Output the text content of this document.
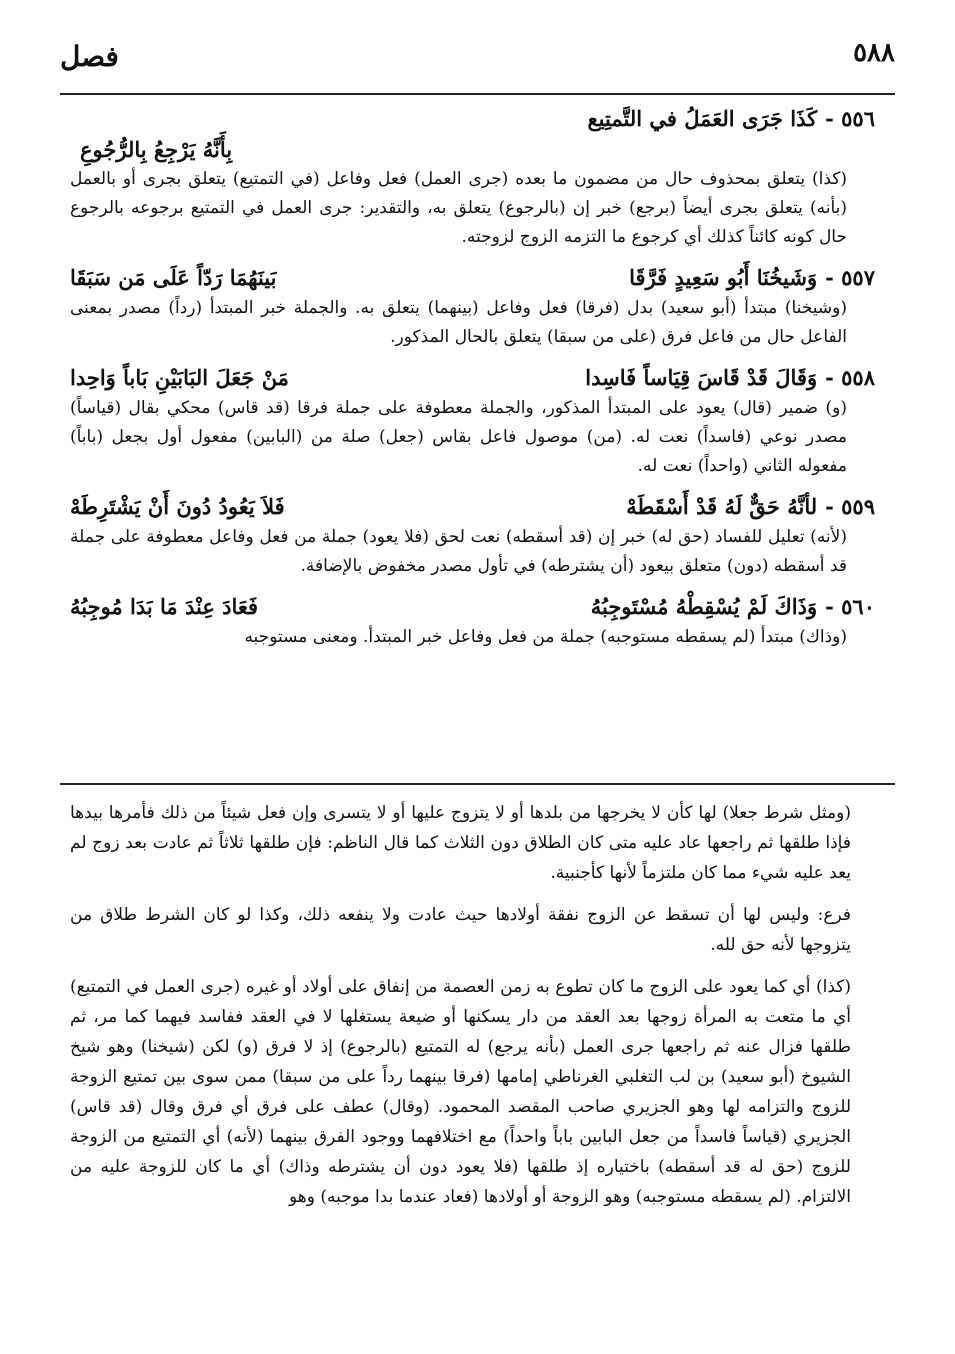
٥٨٨
فصل
٥٥٦ -
كَذَا جَرَى العَمَلُ في التَّمتِيع
بِأَنَّهُ يَرْجِعُ بِالرُّجُوعِ

(كذا) يتعلق بمحذوف حال من مضمون ما بعده (جرى العمل) فعل وفاعل (في التمتيع) يتعلق بجرى أو بالعمل (بأنه) يتعلق بجرى أيضاً (برجع) خبر إن (بالرجوع) يتعلق به، والتقدير: جرى العمل في التمتيع برجوعه بالرجوع حال كونه كائناً كذلك أي كرجوع ما التزمه الزوج لزوجته.

٥٥٧ -
وَشَيخُنَا أَبُو سَعِيدٍ فَرَّقَا
بَينَهُمَا رَدّاً عَلَى مَن سَبَقَا

(وشيخنا) مبتدأ (أبو سعيد) بدل (فرقا) فعل وفاعل (بينهما) يتعلق به. والجملة خبر المبتدأ (رداً) مصدر بمعنى الفاعل حال من فاعل فرق (على من سبقا) يتعلق بالحال المذكور.

٥٥٨ -
وَقَالَ قَدْ قَاسَ قِيَاساً فَاسِدا
مَنْ جَعَلَ البَابَيْنِ بَاباً وَاحِدا

(و) ضمير (قال) يعود على المبتدأ المذكور، والجملة معطوفة على جملة فرقا (قد قاس) محكي بقال (قياساً) مصدر نوعي (فاسداً) نعت له. (من) موصول فاعل بقاس (جعل) صلة من (البابين) مفعول أول بجعل (باباً) مفعوله الثاني (واحداً) نعت له.

٥٥٩ -
لأنَّهُ حَقٌّ لَهُ قَدْ أَسْقَطَهْ
فَلاَ يَعُودُ دُونَ أَنْ يَشْتَرِطَهْ

(لأنه) تعليل للفساد (حق له) خبر إن (قد أسقطه) نعت لحق (فلا يعود) جملة من فعل وفاعل معطوفة على جملة قد أسقطه (دون) متعلق بيعود (أن يشترطه) في تأول مصدر مخفوض بالإضافة.

٥٦٠ -
وَذَاكَ لَمْ يُسْقِطْهُ مُسْتَوجِبُهُ
فَعَادَ عِنْدَ مَا بَدَا مُوجِبُهُ

(وذاك) مبتدأ (لم يسقطه مستوجبه) جملة من فعل وفاعل خبر المبتدأ. ومعنى مستوجبه

(ومثل شرط جعلا) لها كأن لا يخرجها من بلدها أو لا يتزوج عليها أو لا يتسرى وإن فعل شيئاً من ذلك فأمرها بيدها فإذا طلقها ثم راجعها عاد عليه متى كان الطلاق دون الثلاث كما قال الناظم: فإن طلقها ثلاثاً ثم عادت بعد زوج لم يعد عليه شيء مما كان ملتزماً لأنها كأجنبية.

فرع: وليس لها أن تسقط عن الزوج نفقة أولادها حيث عادت ولا ينفعه ذلك، وكذا لو كان الشرط طلاق من يتزوجها لأنه حق لله.

(كذا) أي كما يعود على الزوج ما كان تطوع به زمن العصمة من إنفاق على أولاد أو غيره (جرى العمل في التمتيع) أي ما متعت به المرأة زوجها بعد العقد من دار يسكنها أو ضيعة يستغلها لا في العقد ففاسد فيهما كما مر، ثم طلقها فزال عنه ثم راجعها جرى العمل (بأنه يرجع) له التمتيع (بالرجوع) إذ لا فرق (و) لكن (شيخنا) وهو شيخ الشيوخ (أبو سعيد) بن لب التغلبي الغرناطي إمامها (فرقا بينهما رداً على من سبقا) ممن سوى بين تمتيع الزوجة للزوج والتزامه لها وهو الجزيري صاحب المقصد المحمود. (وقال) عطف على فرق أي فرق وقال (قد قاس) الجزيري (قياساً فاسداً من جعل البابين باباً واحداً) مع اختلافهما ووجود الفرق بينهما (لأنه) أي التمتيع من الزوجة للزوج (حق له قد أسقطه) باختياره إذ طلقها (فلا يعود دون أن يشترطه وذاك) أي ما كان للزوجة عليه من الالتزام. (لم يسقطه مستوجبه) وهو الزوجة أو أولادها (فعاد عندما بدا موجبه) وهو
